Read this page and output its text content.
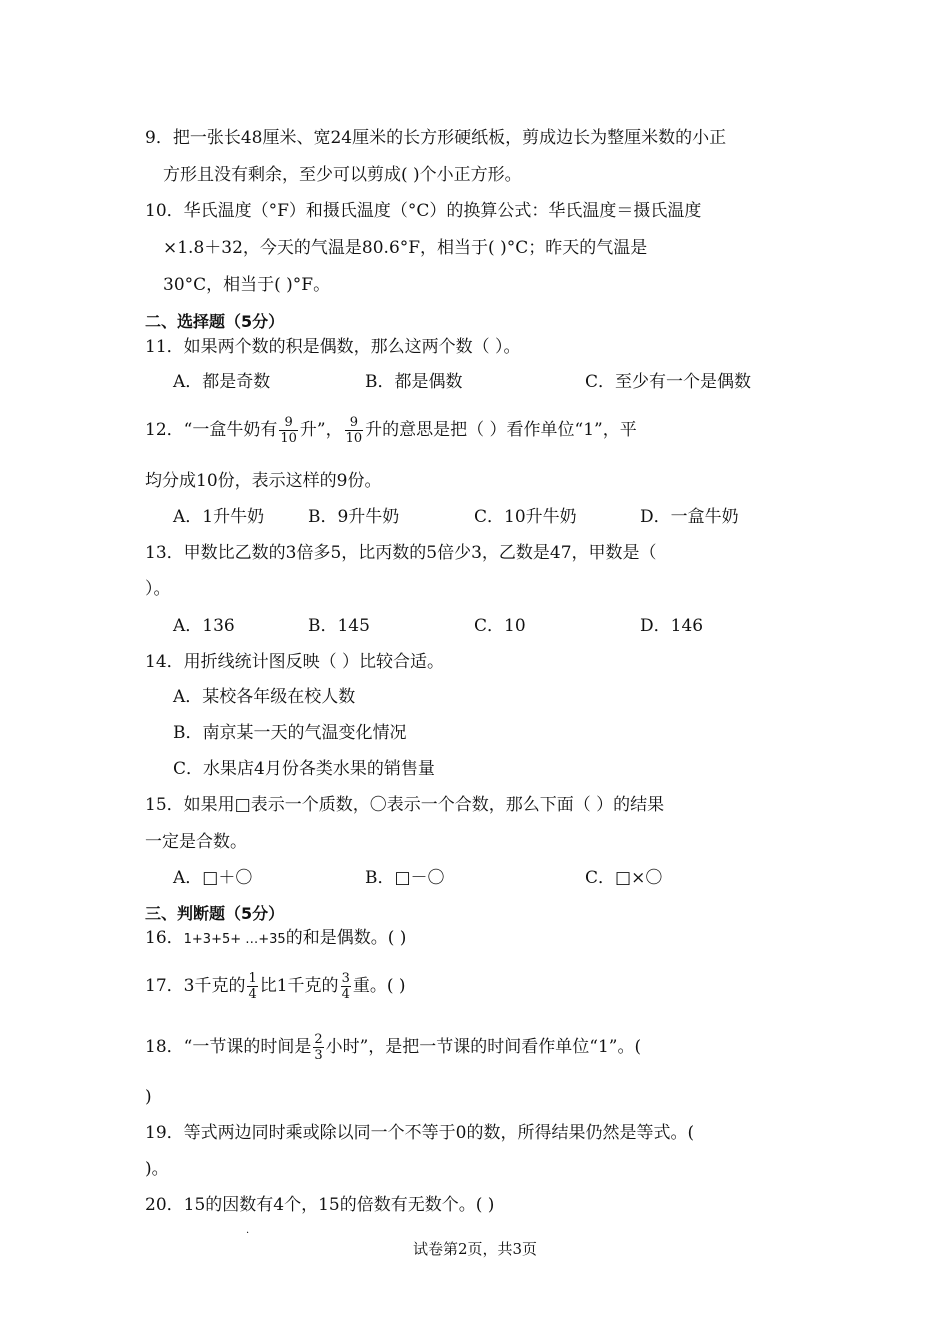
9．把一张长48厘米、宽24厘米的长方形硬纸板，剪成边长为整厘米数的小正
方形且没有剩余，至少可以剪成( )个小正方形。
10．华氏温度（°F）和摄氏温度（°C）的换算公式：华氏温度＝摄氏温度
×1.8＋32，今天的气温是80.6°F，相当于( )°C；昨天的气温是
30°C，相当于( )°F。
二、选择题（5分）
11．如果两个数的积是偶数，那么这两个数（ ）。
A．都是奇数	B．都是偶数	C．至少有一个是偶数
12．“一盒牛奶有 $\frac{9}{10}$ 升”， $\frac{9}{10}$ 升的意思是把（ ）看作单位“1”，平
均分成10份，表示这样的9份。
A．1升牛奶	B．9升牛奶	C．10升牛奶	D．一盒牛奶
13．甲数比乙数的3倍多5，比丙数的5倍少3，乙数是47，甲数是（
）。
A．136	B．145	C．10	D．146
14．用折线统计图反映（ ）比较合适。
A．某校各年级在校人数
B．南京某一天的气温变化情况
C．水果店4月份各类水果的销售量
15．如果用□表示一个质数，〇表示一个合数，那么下面（ ）的结果
一定是合数。
A．□＋〇	B．□－〇	C．□×〇
三、判断题（5分）
16．1+3+5+ …+35的和是偶数。( )
17．3千克的 $\frac{1}{4}$ 比1千克的 $\frac{3}{4}$ 重。( )
18．“一节课的时间是 $\frac{2}{3}$ 小时”，是把一节课的时间看作单位“1”。(
)
19．等式两边同时乘或除以同一个不等于0的数，所得结果仍然是等式。(
)。
20．15的因数有4个，15的倍数有无数个。( )
·
试卷第2页，共3页
